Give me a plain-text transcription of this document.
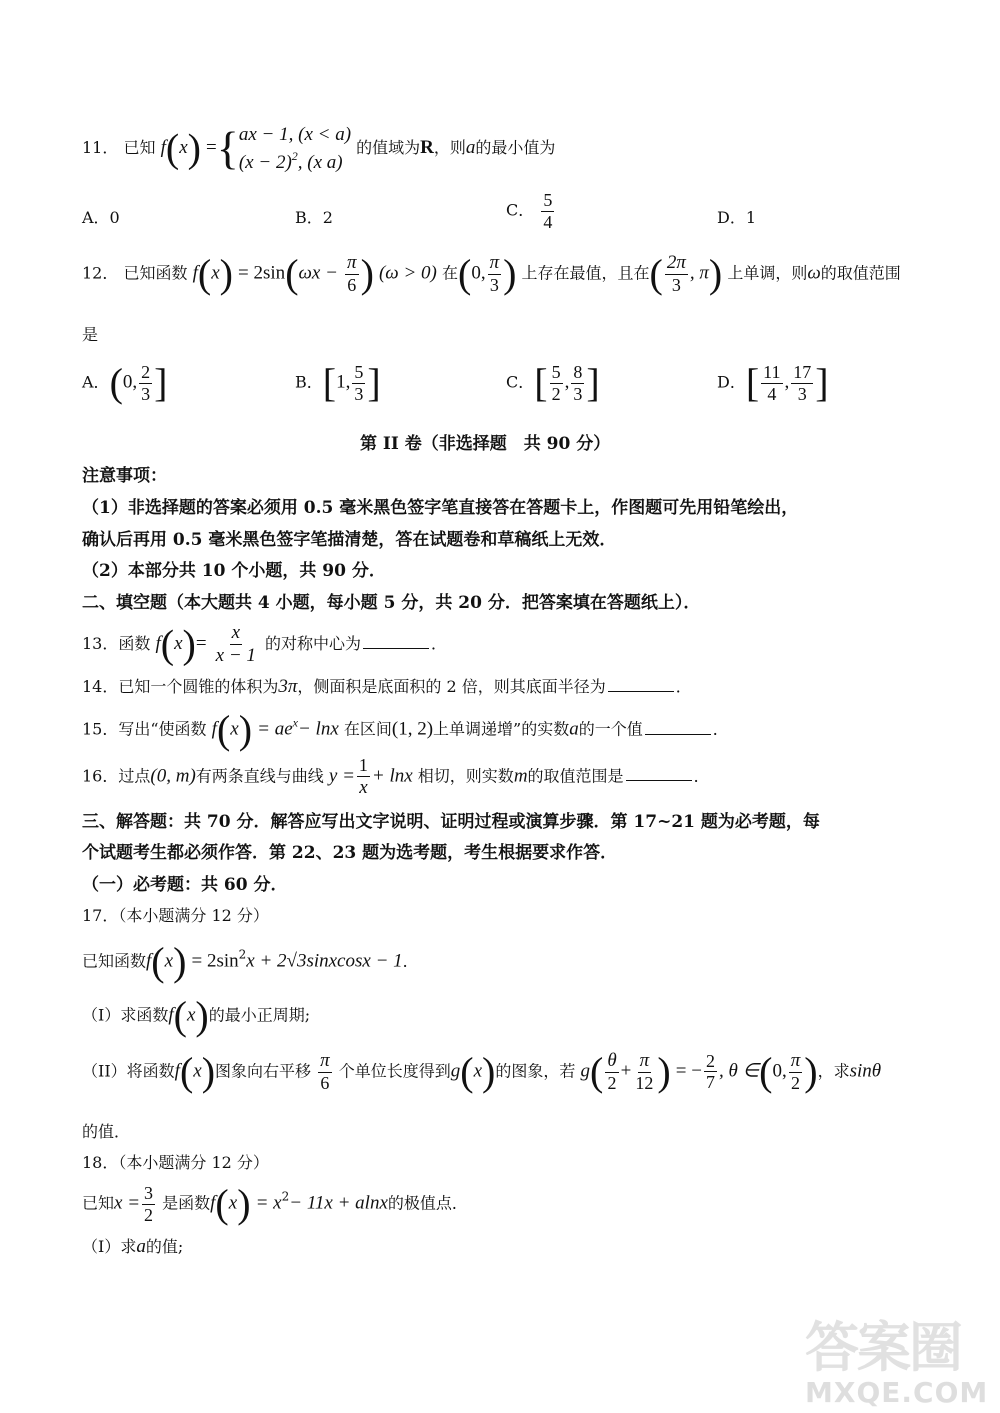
11． 已知 f(x) ={ ax − 1, (x < a)
$(x - 2)^2$, (x a)
的值域为R，则a的最小值为
A．0	B．2	C． $\frac{5}{4}$	D．1
12． 已知函数 $f(x) = 2\sin(\omega x - \frac{\pi}{6}$ ) (ω > 0) 在(0, $\frac{\pi}{3}$ ) 上存在最值，且在( $\frac{2\pi}{3}$ , π) 上单调，则ω的取值范围
是
A．(0, $\frac{2}{3}$ ]	B．[1, $\frac{5}{3}$ ]	C．[ $\frac{5}{2}$ , $\frac{8}{3}$ ]	D．[ $\frac{11}{4}$ , $\frac{17}{3}$ ]
第 II 卷（非选择题　共 90 分）
注意事项：
（1）非选择题的答案必须用 0.5 毫米黑色签字笔直接答在答题卡上，作图题可先用铅笔绘出，
确认后再用 0.5 毫米黑色签字笔描清楚，答在试题卷和草稿纸上无效．
（2）本部分共 10 个小题，共 90 分．
二、填空题（本大题共 4 小题，每小题 5 分，共 20 分．把答案填在答题纸上）．
13．函数 $f(x)= \frac{x}{x - 1}$ 的对称中心为	．
14．已知一个圆锥的体积为3π，侧面积是底面积的 2 倍，则其底面半径为	．
15．写出“使函数 $f(x) = ae^x- \ln x$ 在区间(1, 2)上单调递增”的实数a的一个值	．
16．过点(0, m)有两条直线与曲线 $y = \frac{1}{x} + \ln x$ 相切，则实数m的取值范围是	．
三、解答题：共 70 分．解答应写出文字说明、证明过程或演算步骤．第 17~21 题为必考题，每
个试题考生都必须作答．第 22、23 题为选考题，考生根据要求作答．
（一）必考题：共 60 分．
17．（本小题满分 12 分）
已知函数$f(x) = 2\sin^2x$ + 2√3sinxcosx − 1．
（I）求函数f(x)的最小正周期;
（II）将函数f(x)图象向右平移 $\frac{\pi}{6}$ 个单位长度得到g(x)的图象，若 $g( \frac{\theta}{2} + \frac{\pi}{12}$ ) = − $\frac{2}{7}$ , θ ∈(0, $\frac{\pi}{2}$ )，求sinθ
的值．
18．（本小题满分 12 分）
已知$x = \frac{3}{2}$ 是函数$f(x) = x^2- 11x + alnx$的极值点．
（I）求a的值;
答案圈
MXQE.COM
